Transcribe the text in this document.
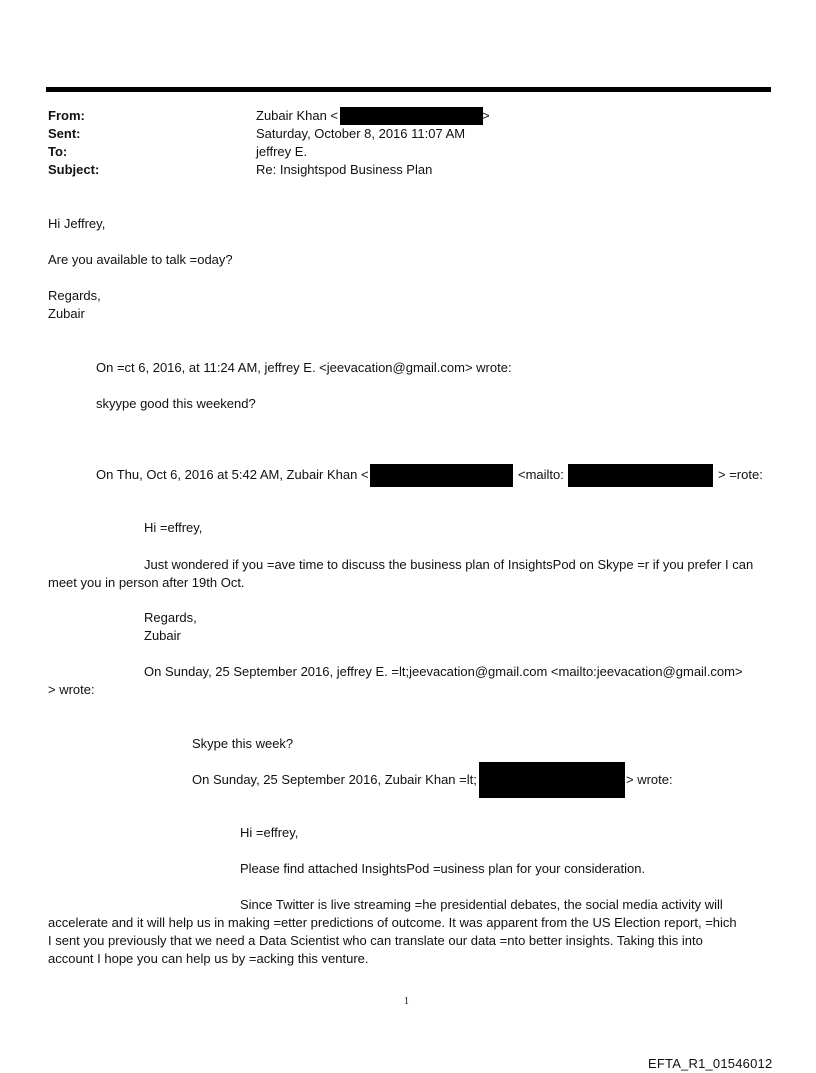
From:	Zubair Khan <	>
Sent:	Saturday, October 8, 2016 11:07 AM
To:	jeffrey E.
Subject:	Re: Insightspod Business Plan
Hi Jeffrey,
Are you available to talk =oday?
Regards,
Zubair
On =ct 6, 2016, at 11:24 AM, jeffrey E. <jeevacation@gmail.com> wrote:
skyype good this weekend?
On Thu, Oct 6, 2016 at 5:42 AM, Zubair Khan <	<mailto:	> =rote:
Hi =effrey,
Just wondered if you =ave time to discuss the business plan of InsightsPod on Skype =r if you prefer I can
meet you in person after 19th Oct.
Regards,
Zubair
On Sunday, 25 September 2016, jeffrey E. =lt;jeevacation@gmail.com <mailto:jeevacation@gmail.com>
> wrote:
Skype this week?
On Sunday, 25 September 2016, Zubair Khan =lt;	> wrote:
Hi =effrey,
Please find attached InsightsPod =usiness plan for your consideration.
Since Twitter is live streaming =he presidential debates, the social media activity will
accelerate and it will help us in making =etter predictions of outcome. It was apparent from the US Election report, =hich
I sent you previously that we need a Data Scientist who can translate our data =nto better insights. Taking this into
account I hope you can help us by =acking this venture.
1
EFTA_R1_01546012
